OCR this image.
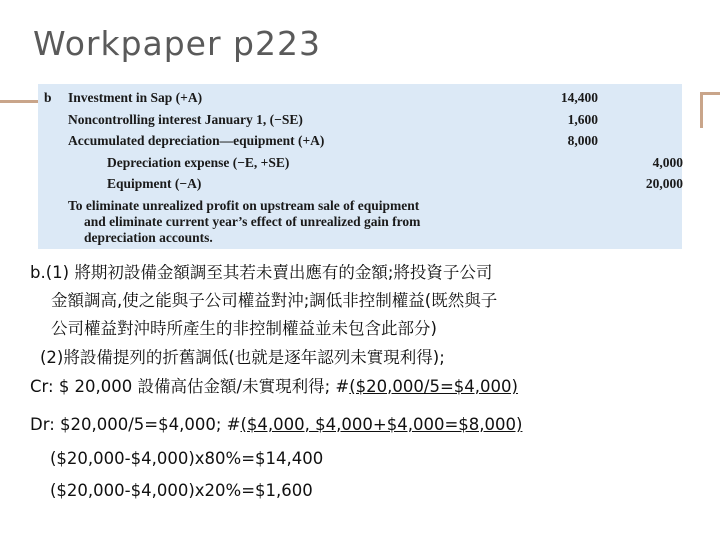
Workpaper p223
b Investment in Sap (+A)	14,400
Noncontrolling interest January 1, (−SE)	1,600
Accumulated depreciation—equipment (+A)	8,000
Depreciation expense (−E, +SE)	4,000
Equipment (−A)	20,000
To eliminate unrealized profit on upstream sale of equipment
and eliminate current year’s effect of unrealized gain from
depreciation accounts.
b.(1) 將期初設備金額調至其若未賣出應有的金額;將投資子公司
金額調高,使之能與子公司權益對沖;調低非控制權益(既然與子
公司權益對沖時所產生的非控制權益並未包含此部分)
(2)將設備提列的折舊調低(也就是逐年認列未實現利得);
Cr: $ 20,000 設備高估金額/未實現利得; #($20,000/5=$4,000)
Dr: $20,000/5=$4,000; #($4,000, $4,000+$4,000=$8,000)
($20,000-$4,000)x80%=$14,400
($20,000-$4,000)x20%=$1,600
